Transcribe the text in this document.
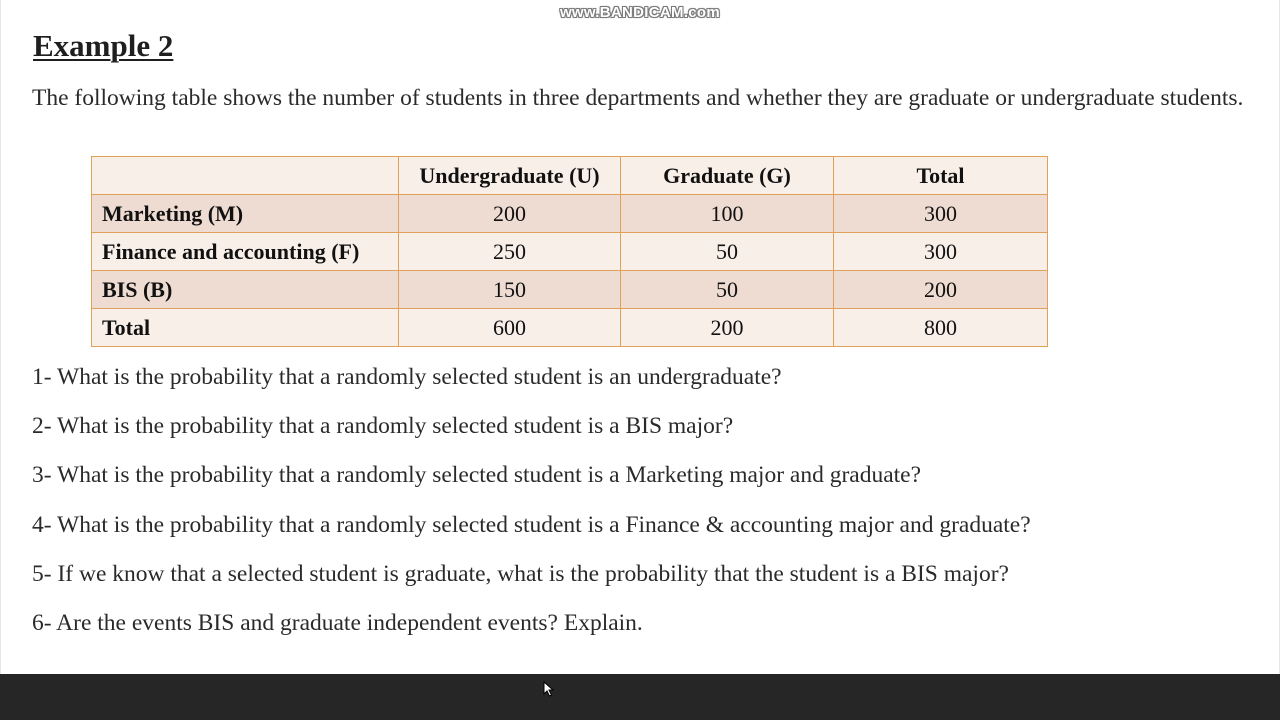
www.BANDICAM.com
Example 2

The following table shows the number of students in three departments and whether they are graduate or undergraduate students.

	Undergraduate (U)	Graduate (G)	Total
Marketing (M)	200	100	300
Finance and accounting (F)	250	50	300
BIS (B)	150	50	200
Total	600	200	800
1- What is the probability that a randomly selected student is an undergraduate?
2- What is the probability that a randomly selected student is a BIS major?
3- What is the probability that a randomly selected student is a Marketing major and graduate?
4- What is the probability that a randomly selected student is a Finance & accounting major and graduate?
5- If we know that a selected student is graduate, what is the probability that the student is a BIS major?
6- Are the events BIS and graduate independent events? Explain.
